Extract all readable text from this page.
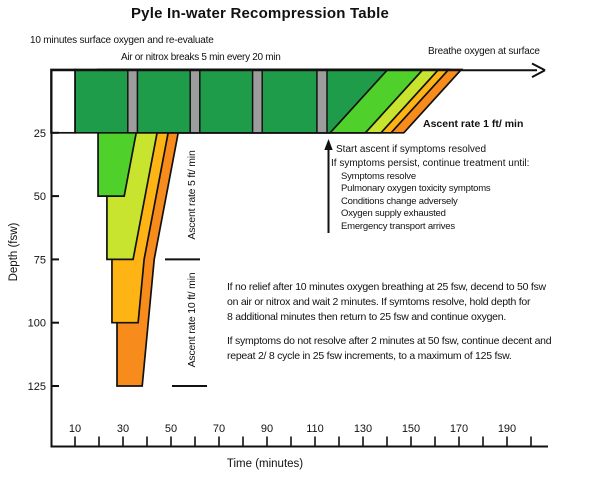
10	30	50	70	90	110	130	150	170	190
25
50
75
100
125
Pyle In-water Recompression Table
10 minutes surface oxygen and re-evaluate
Air or nitrox breaks 5 min every 20 min
Breathe oxygen at surface
Ascent rate 1 ft/ min
Start ascent if symptoms resolved
If symptoms persist, continue treatment until:
Symptoms resolve
Pulmonary oxygen toxicity symptoms
Conditions change adversely
Oxygen supply exhausted
Emergency transport arrives
If no relief after 10 minutes oxygen breathing at 25 fsw, decend to 50 fsw
on air or nitrox and wait 2 minutes. If symtoms resolve, hold depth for
8 additional minutes then return to 25 fsw and continue oxygen.
If symptoms do not resolve after 2 minutes at 50 fsw, continue decent and
repeat 2/ 8 cycle in 25 fsw increments, to a maximum of 125 fsw.
Ascent rate 5 ft/ min
Ascent rate 10 ft/ min
Depth (fsw)
Time (minutes)
